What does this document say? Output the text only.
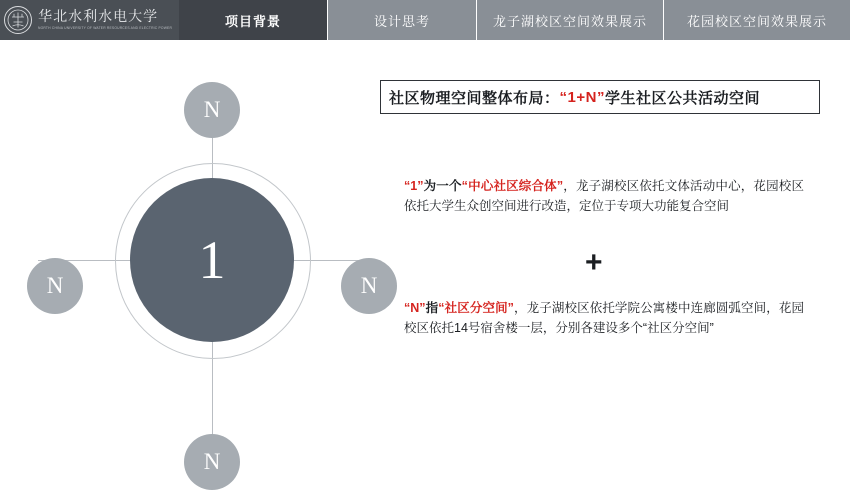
华北水利水电大学
NORTH CHINA UNIVERSITY OF WATER RESOURCES AND ELECTRIC POWER	项目背景	设计思考	龙子湖校区空间效果展示	花园校区空间效果展示
1
N
N	N
N
社区物理空间整体布局： “1+N” 学生社区公共活动空间
“1”为一个“中心社区综合体”，龙子湖校区依托文体活动中心，花园校区依托大学生众创空间进行改造，定位于专项大功能复合空间
+
“N”指“社区分空间”，龙子湖校区依托学院公寓楼中连廊圆弧空间，花园校区依托14号宿舍楼一层，分别各建设多个“社区分空间”
